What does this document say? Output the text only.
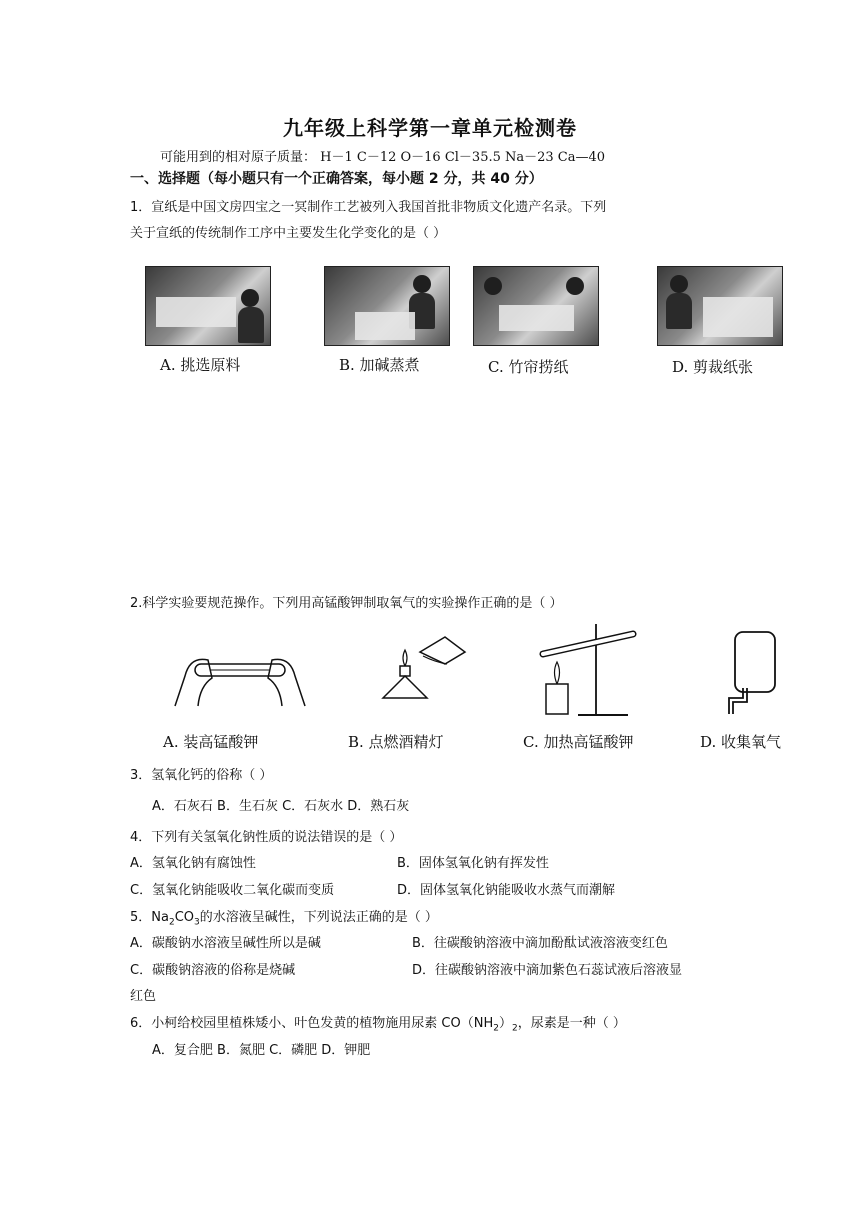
九年级上科学第一章单元检测卷
可能用到的相对原子质量： H－1 C－12 O－16 Cl－35.5 Na－23 Ca—40
一、选择题（每小题只有一个正确答案，每小题 2 分，共 40 分）
1．宣纸是中国文房四宝之一冥制作工艺被列入我国首批非物质文化遗产名录。下列
关于宣纸的传统制作工序中主要发生化学变化的是（ ）
A. 挑选原料	B. 加碱蒸煮	C. 竹帘捞纸	D. 剪裁纸张
2.科学实验要规范操作。下列用高锰酸钾制取氧气的实验操作正确的是（ ）
A. 装高锰酸钾	B. 点燃酒精灯	C. 加热高锰酸钾	D. 收集氧气
3．氢氧化钙的俗称（ ）
A．石灰石 B．生石灰 C．石灰水 D．熟石灰
4．下列有关氢氧化钠性质的说法错误的是（ ）
A．氢氧化钠有腐蚀性	B．固体氢氧化钠有挥发性
C．氢氧化钠能吸收二氧化碳而变质	D．固体氢氧化钠能吸收水蒸气而潮解
5．$Na_2CO_3$的水溶液呈碱性，下列说法正确的是（ ）
A．碳酸钠水溶液呈碱性所以是碱	B．往碳酸钠溶液中滴加酚酞试液溶液变红色
C．碳酸钠溶液的俗称是烧碱	D．往碳酸钠溶液中滴加紫色石蕊试液后溶液显
红色
6．小柯给校园里植株矮小、叶色发黄的植物施用尿素 $CO(NH_2)_2$，尿素是一种（ ）
A．复合肥 B．氮肥 C．磷肥 D．钾肥
